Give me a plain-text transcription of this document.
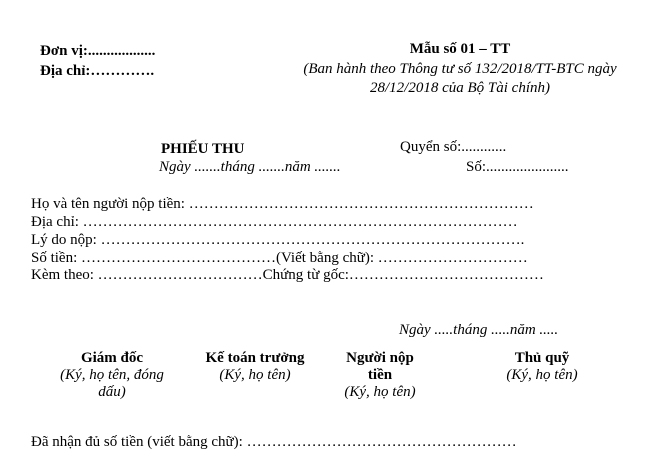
Đơn vị:..................
Địa chỉ:………….
Mẫu số 01 – TT
(Ban hành theo Thông tư số 132/2018/TT-BTC ngày
28/12/2018 của Bộ Tài chính)
PHIẾU THU	Quyển số:............
Ngày .......tháng .......năm .......	Số:......................
Họ và tên người nộp tiền: ……………………………………………………………
Địa chỉ: ……………………………………………………………………………
Lý do nộp: ………………………………………………………………………….
Số tiền: …………………………………(Viết bằng chữ): …………………………
Kèm theo: ……………………………Chứng từ gốc:…………………………………
Ngày .....tháng .....năm .....
Giám đốc
(Ký, họ tên, đóng dấu)
Kế toán trưởng
(Ký, họ tên)
Người nộp tiền
(Ký, họ tên)
Thủ quỹ
(Ký, họ tên)
Đã nhận đủ số tiền (viết bằng chữ): ………………………………………………
